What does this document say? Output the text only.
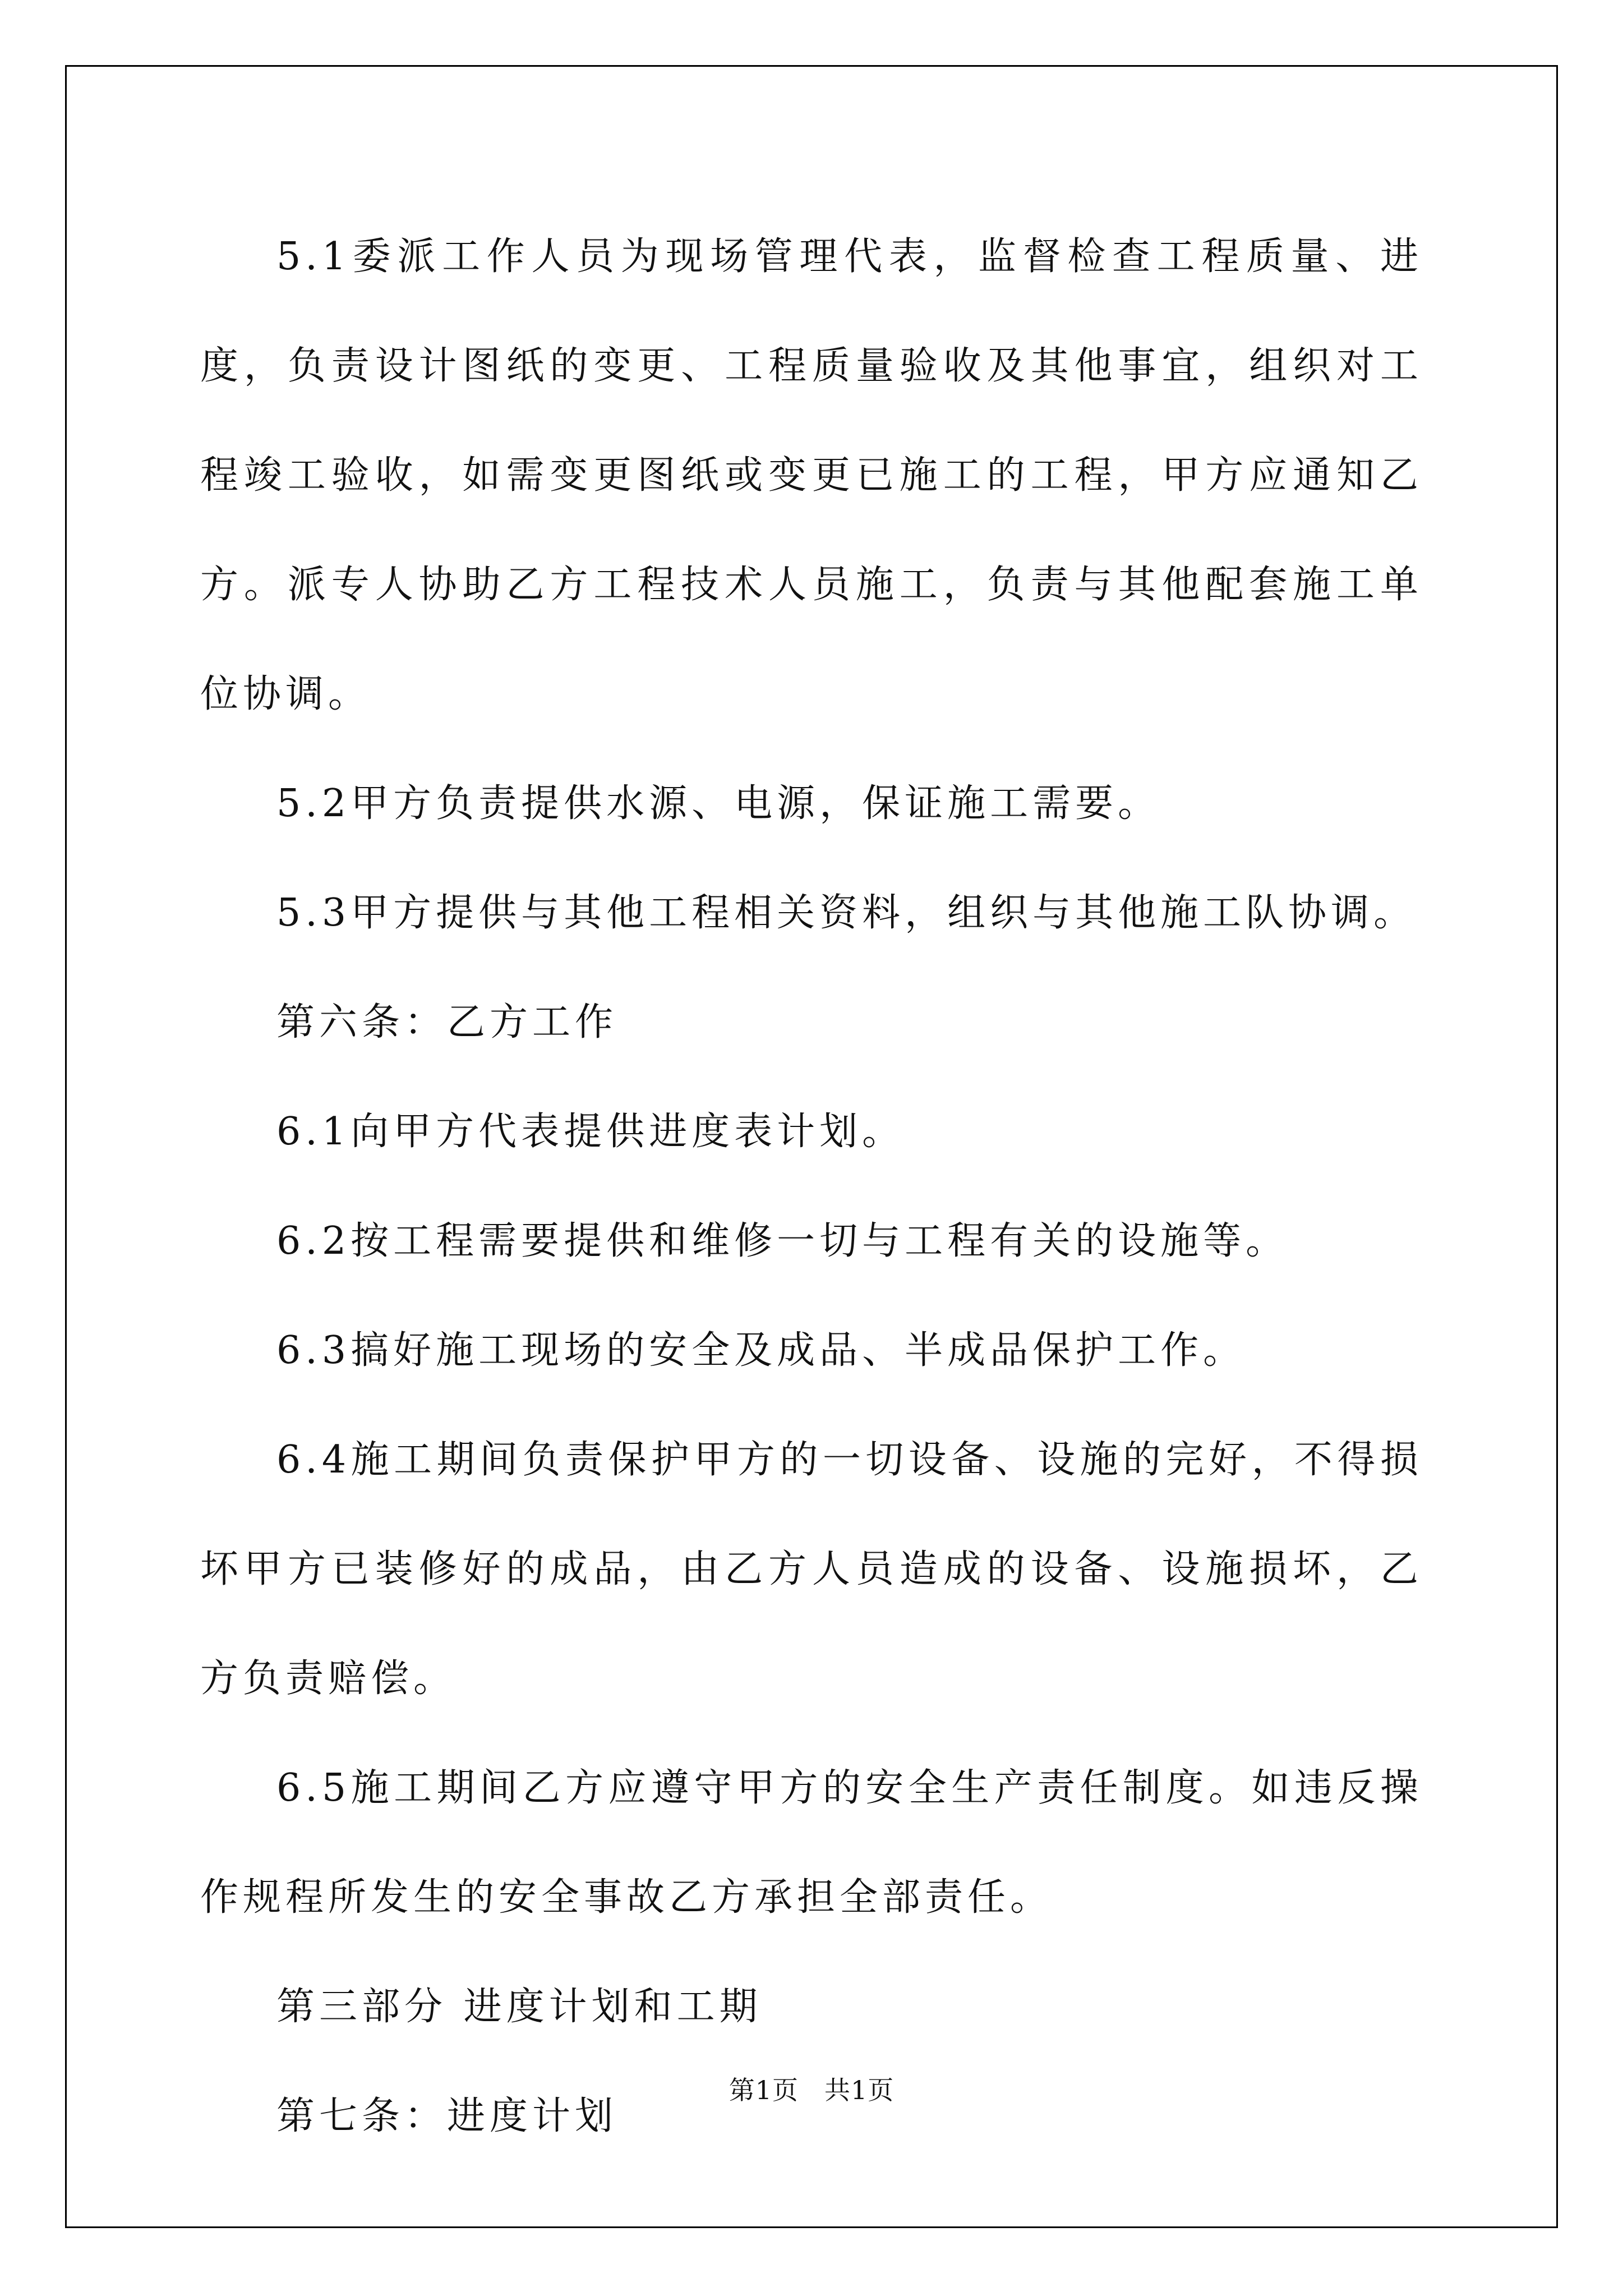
5.1委派工作人员为现场管理代表，监督检查工程质量、进度，负责设计图纸的变更、工程质量验收及其他事宜，组织对工程竣工验收，如需变更图纸或变更已施工的工程，甲方应通知乙方。派专人协助乙方工程技术人员施工，负责与其他配套施工单位协调。

5.2甲方负责提供水源、电源，保证施工需要。

5.3甲方提供与其他工程相关资料，组织与其他施工队协调。

第六条：乙方工作

6.1向甲方代表提供进度表计划。

6.2按工程需要提供和维修一切与工程有关的设施等。

6.3搞好施工现场的安全及成品、半成品保护工作。

6.4施工期间负责保护甲方的一切设备、设施的完好，不得损坏甲方已装修好的成品，由乙方人员造成的设备、设施损坏，乙方负责赔偿。

6.5施工期间乙方应遵守甲方的安全生产责任制度。如违反操作规程所发生的安全事故乙方承担全部责任。

第三部分 进度计划和工期

第七条：进度计划

第1页 共1页
